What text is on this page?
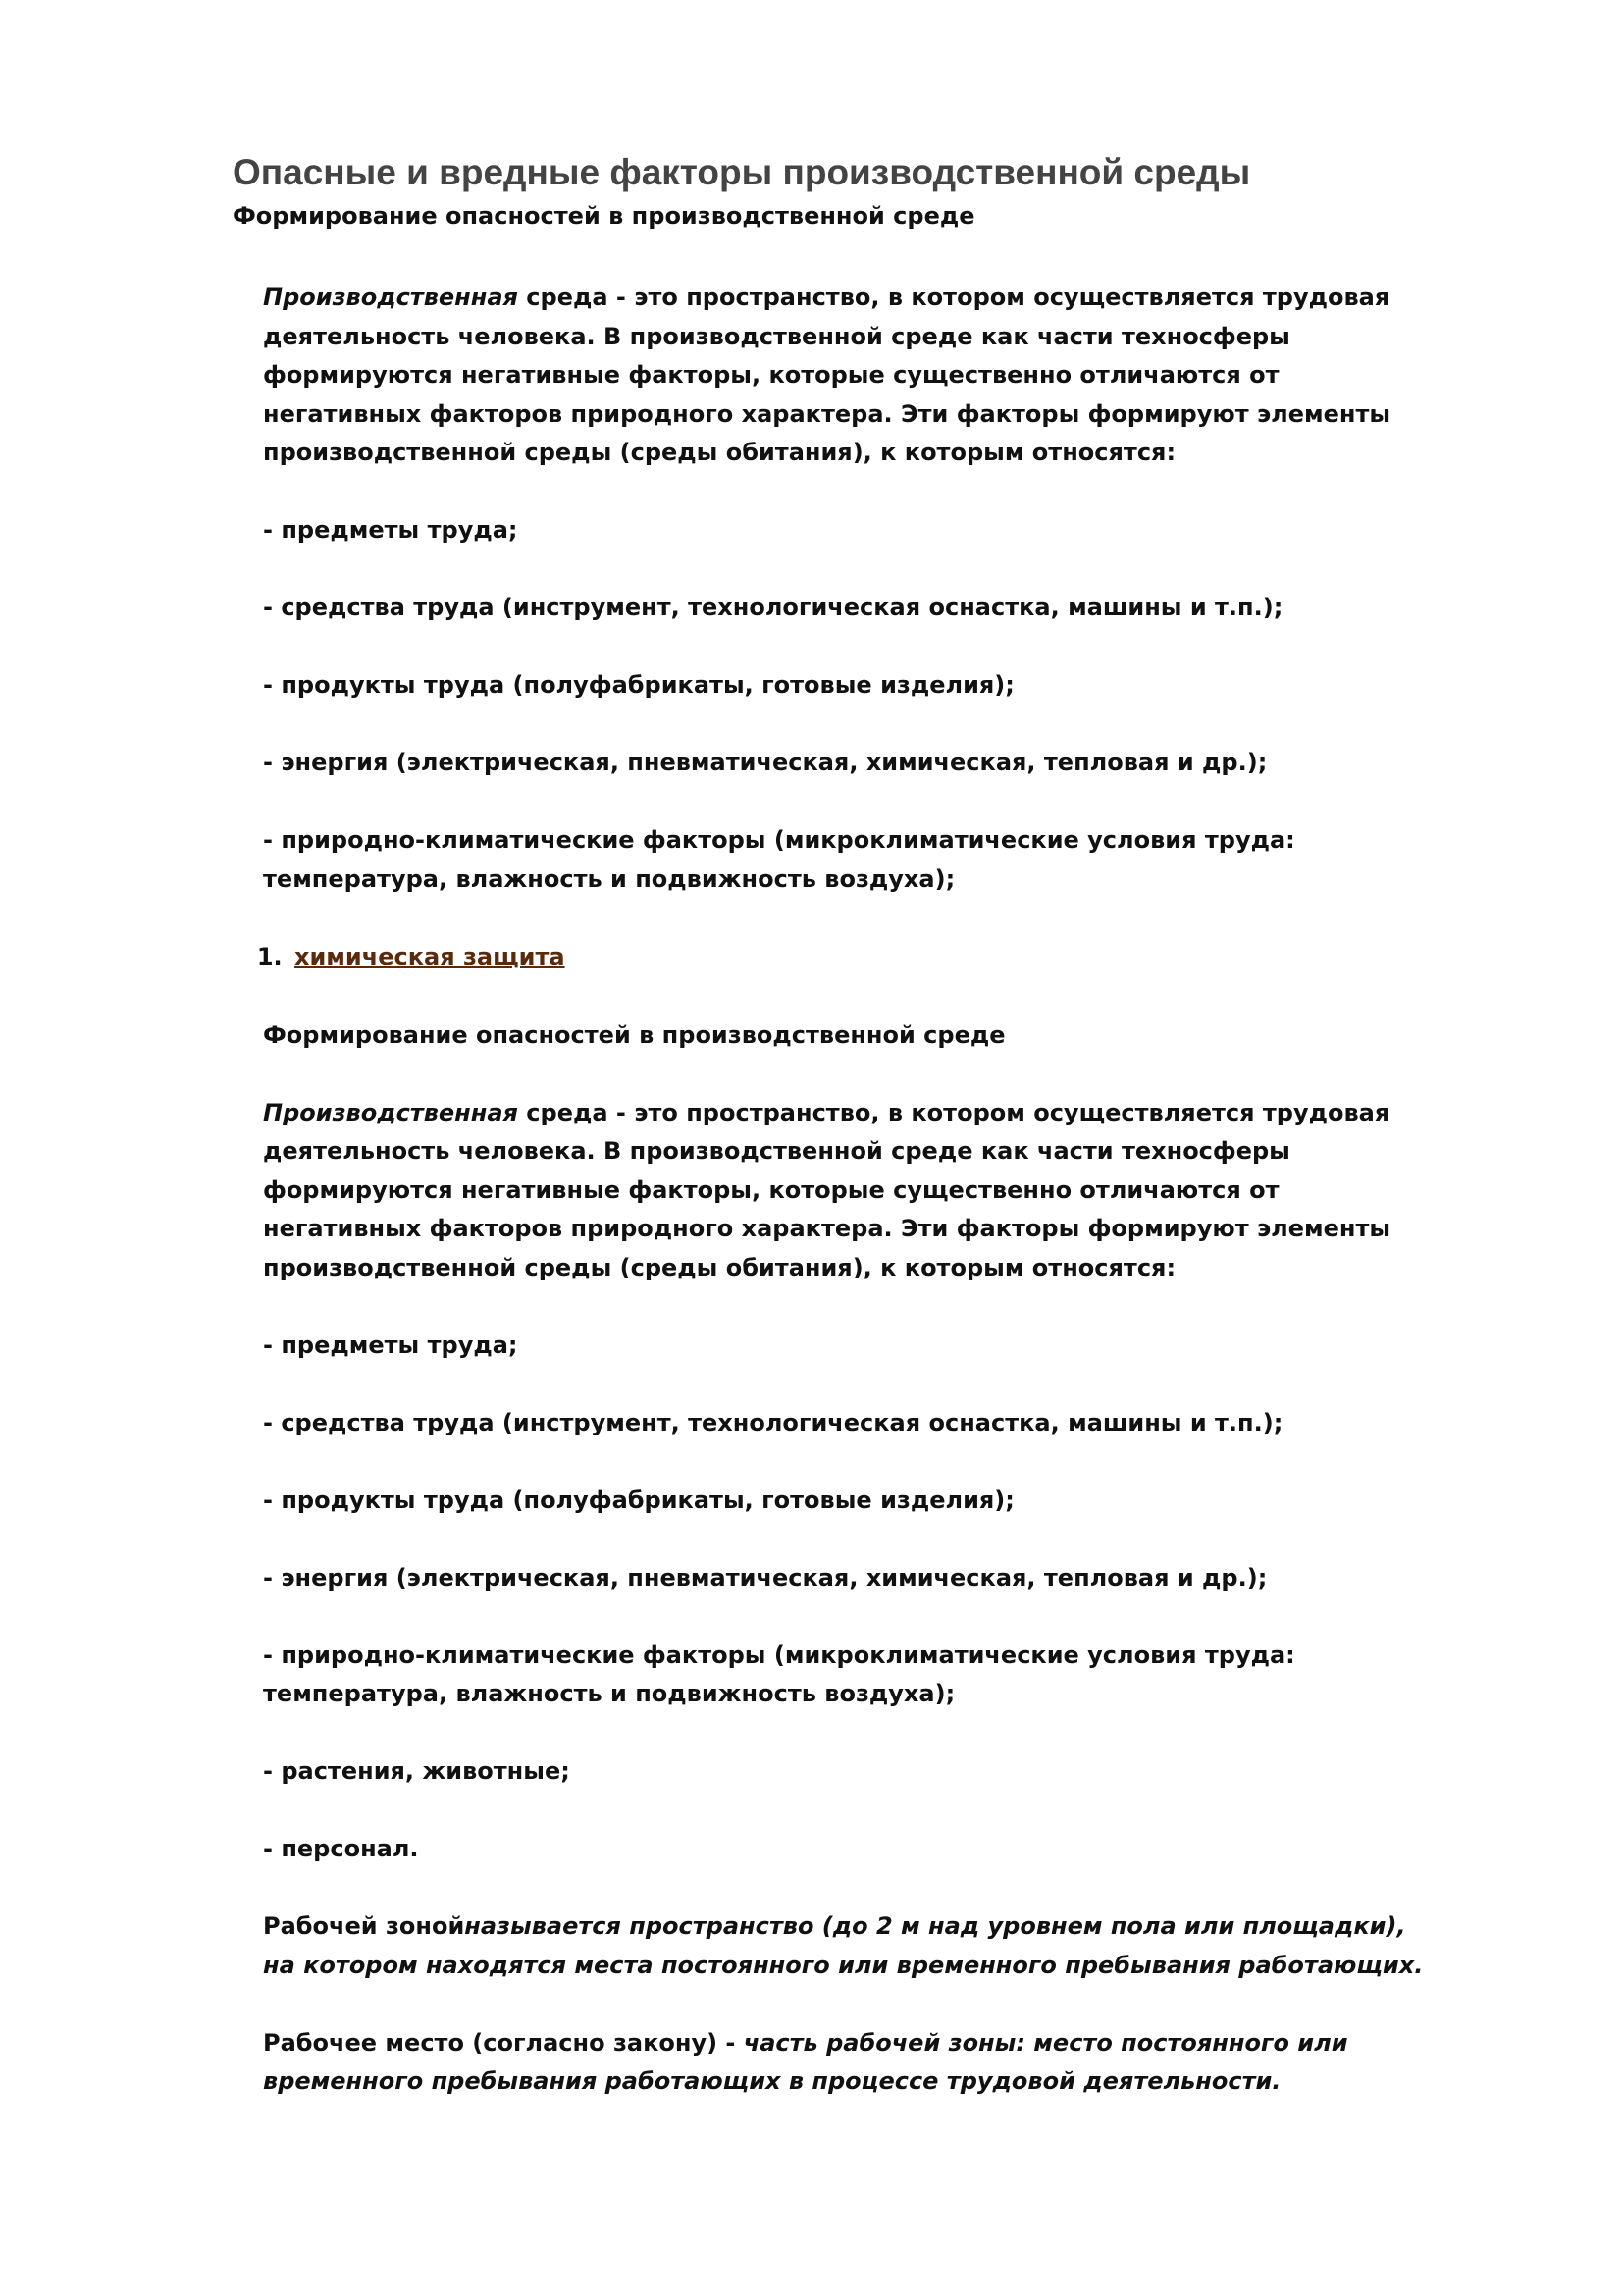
Опасные и вредные факторы производственной среды
Формирование опасностей в производственной среде

Производственная среда - это пространство, в котором осуществляется трудовая
деятельность человека. В производственной среде как части техносферы
формируются негативные факторы, которые существенно отличаются от
негативных факторов природного характера. Эти факторы формируют элементы
производственной среды (среды обитания), к которым относятся:

- предметы труда;

- средства труда (инструмент, технологическая оснастка, машины и т.п.);

- продукты труда (полуфабрикаты, готовые изделия);

- энергия (электрическая, пневматическая, химическая, тепловая и др.);

- природно-климатические факторы (микроклиматические условия труда:
температура, влажность и подвижность воздуха);

1. химическая защита

Формирование опасностей в производственной среде

Производственная среда - это пространство, в котором осуществляется трудовая
деятельность человека. В производственной среде как части техносферы
формируются негативные факторы, которые существенно отличаются от
негативных факторов природного характера. Эти факторы формируют элементы
производственной среды (среды обитания), к которым относятся:

- предметы труда;

- средства труда (инструмент, технологическая оснастка, машины и т.п.);

- продукты труда (полуфабрикаты, готовые изделия);

- энергия (электрическая, пневматическая, химическая, тепловая и др.);

- природно-климатические факторы (микроклиматические условия труда:
температура, влажность и подвижность воздуха);

- растения, животные;

- персонал.

Рабочей зонойназывается пространство (до 2 м над уровнем пола или площадки),
на котором находятся места постоянного или временного пребывания работающих.

Рабочее место (согласно закону) - часть рабочей зоны: место постоянного или
временного пребывания работающих в процессе трудовой деятельности.
